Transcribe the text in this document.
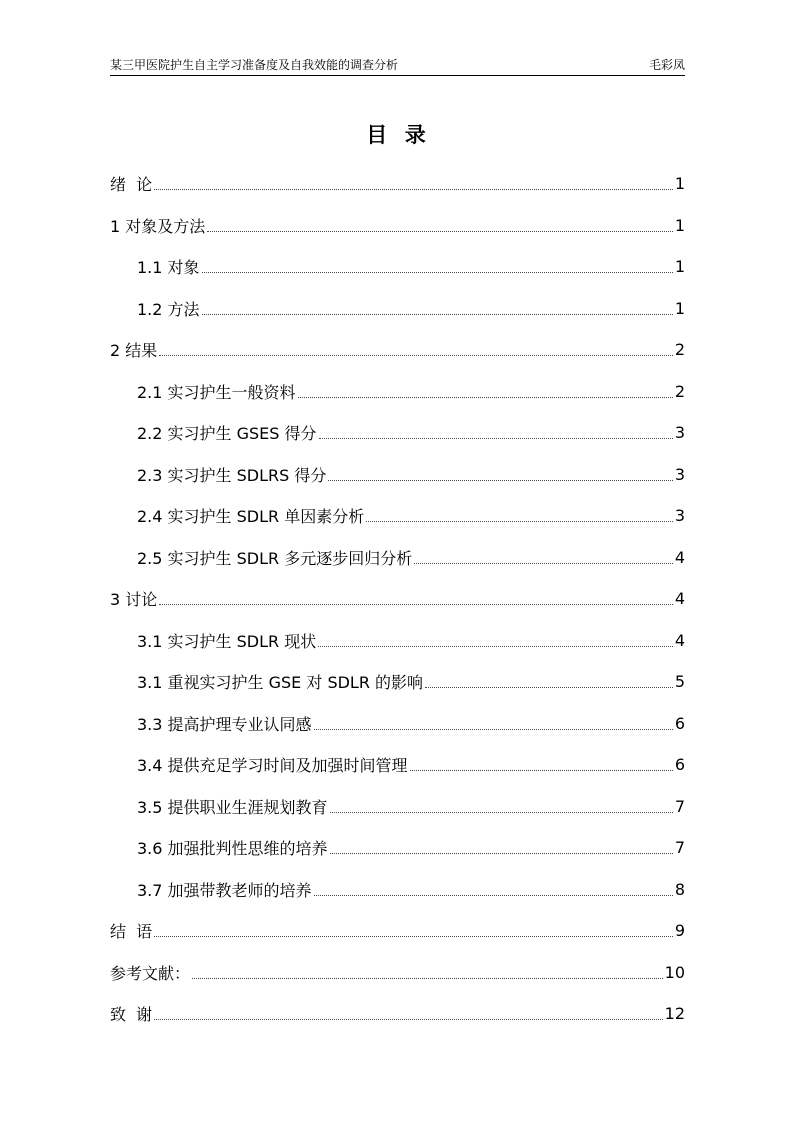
某三甲医院护生自主学习准备度及自我效能的调查分析	毛彩凤
目  录
绪  论	1
1 对象及方法	1
1.1 对象	1
1.2 方法	1
2 结果	2
2.1 实习护生一般资料	2
2.2 实习护生 GSES 得分	3
2.3 实习护生 SDLRS 得分	3
2.4 实习护生 SDLR 单因素分析	3
2.5 实习护生 SDLR 多元逐步回归分析	4
3 讨论	4
3.1 实习护生 SDLR 现状	4
3.1 重视实习护生 GSE 对 SDLR 的影响	5
3.3 提高护理专业认同感	6
3.4 提供充足学习时间及加强时间管理	6
3.5 提供职业生涯规划教育	7
3.6 加强批判性思维的培养	7
3.7 加强带教老师的培养	8
结  语	9
参考文献：	10
致  谢	12
